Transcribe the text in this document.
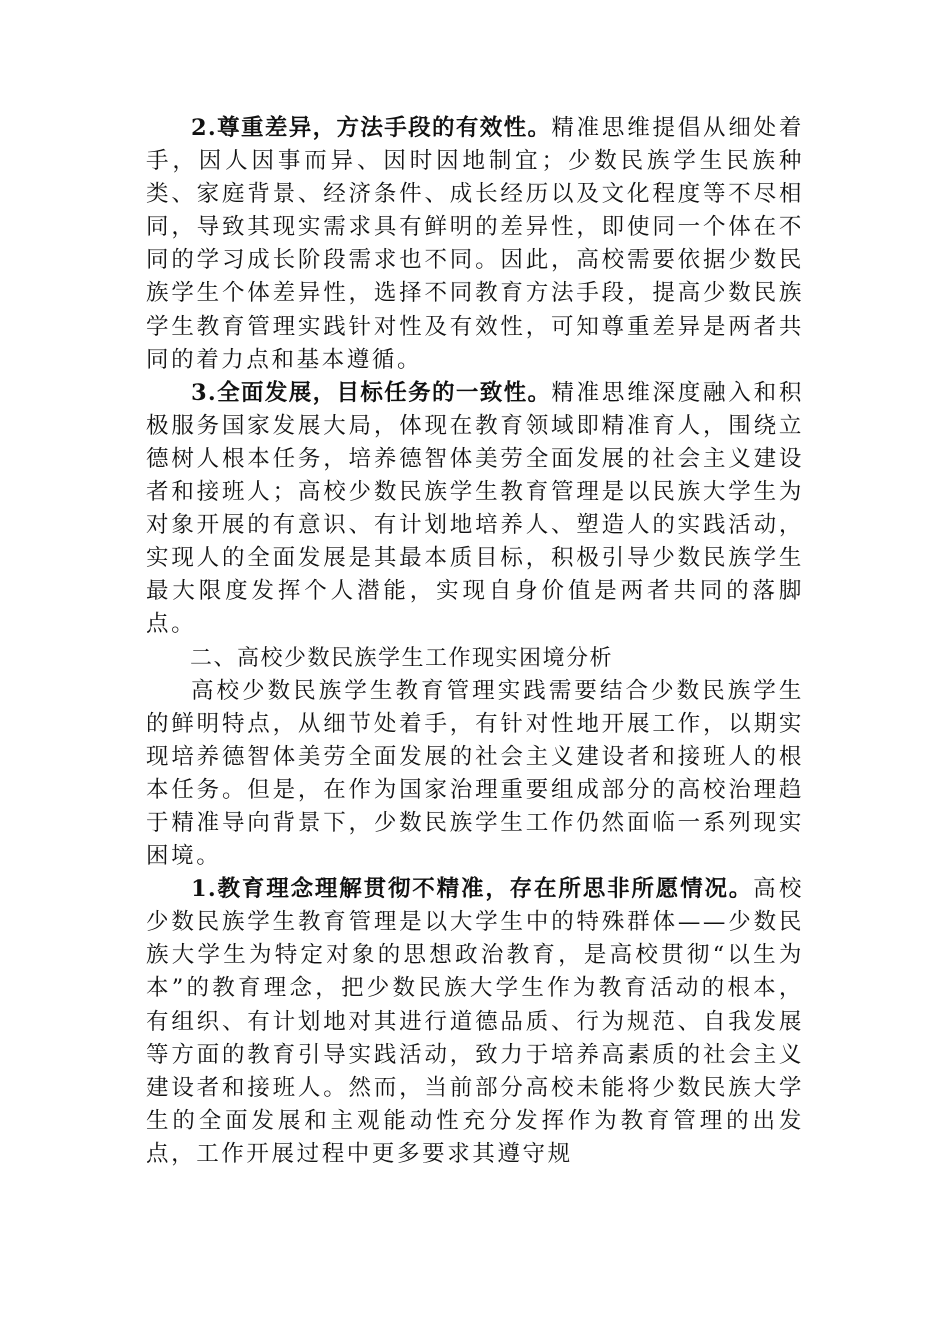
2.尊重差异，方法手段的有效性。精准思维提倡从细处着手，因人因事而异、因时因地制宜；少数民族学生民族种类、家庭背景、经济条件、成长经历以及文化程度等不尽相同，导致其现实需求具有鲜明的差异性，即使同一个体在不同的学习成长阶段需求也不同。因此，高校需要依据少数民族学生个体差异性，选择不同教育方法手段，提高少数民族学生教育管理实践针对性及有效性，可知尊重差异是两者共同的着力点和基本遵循。

3.全面发展，目标任务的一致性。精准思维深度融入和积极服务国家发展大局，体现在教育领域即精准育人，围绕立德树人根本任务，培养德智体美劳全面发展的社会主义建设者和接班人；高校少数民族学生教育管理是以民族大学生为对象开展的有意识、有计划地培养人、塑造人的实践活动，实现人的全面发展是其最本质目标，积极引导少数民族学生最大限度发挥个人潜能，实现自身价值是两者共同的落脚点。

二、高校少数民族学生工作现实困境分析

高校少数民族学生教育管理实践需要结合少数民族学生的鲜明特点，从细节处着手，有针对性地开展工作，以期实现培养德智体美劳全面发展的社会主义建设者和接班人的根本任务。但是，在作为国家治理重要组成部分的高校治理趋于精准导向背景下，少数民族学生工作仍然面临一系列现实困境。

1.教育理念理解贯彻不精准，存在所思非所愿情况。高校少数民族学生教育管理是以大学生中的特殊群体——少数民族大学生为特定对象的思想政治教育，是高校贯彻“以生为本”的教育理念，把少数民族大学生作为教育活动的根本，有组织、有计划地对其进行道德品质、行为规范、自我发展等方面的教育引导实践活动，致力于培养高素质的社会主义建设者和接班人。然而，当前部分高校未能将少数民族大学生的全面发展和主观能动性充分发挥作为教育管理的出发点，工作开展过程中更多要求其遵守规
